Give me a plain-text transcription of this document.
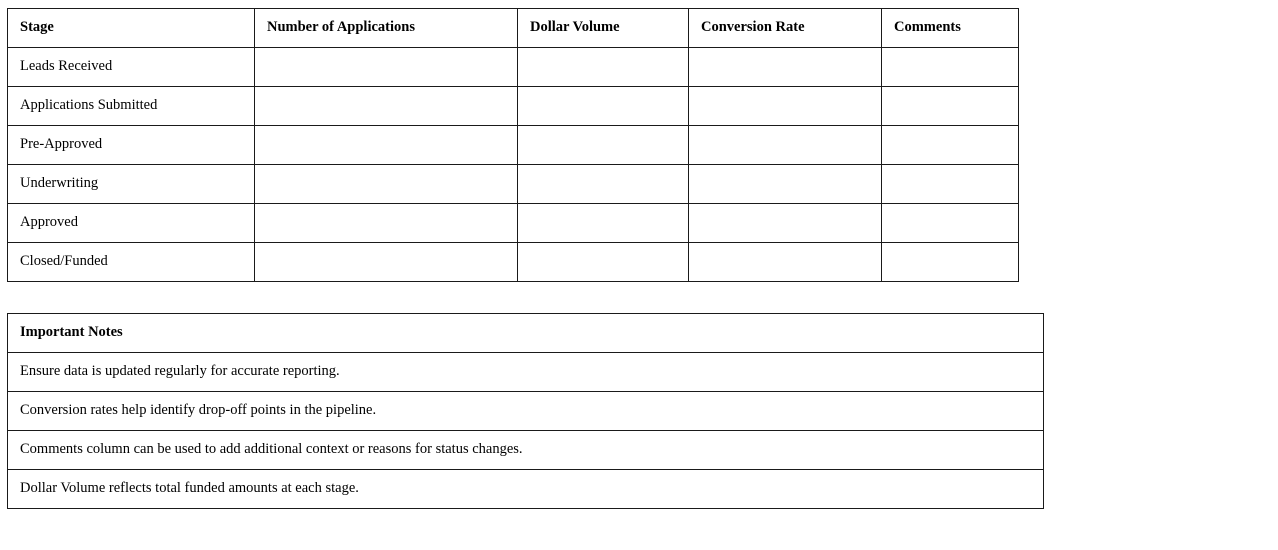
Stage	Number of Applications	Dollar Volume	Conversion Rate	Comments
Leads Received				
Applications Submitted				
Pre-Approved				
Underwriting				
Approved				
Closed/Funded				
Important Notes
Ensure data is updated regularly for accurate reporting.
Conversion rates help identify drop-off points in the pipeline.
Comments column can be used to add additional context or reasons for status changes.
Dollar Volume reflects total funded amounts at each stage.
